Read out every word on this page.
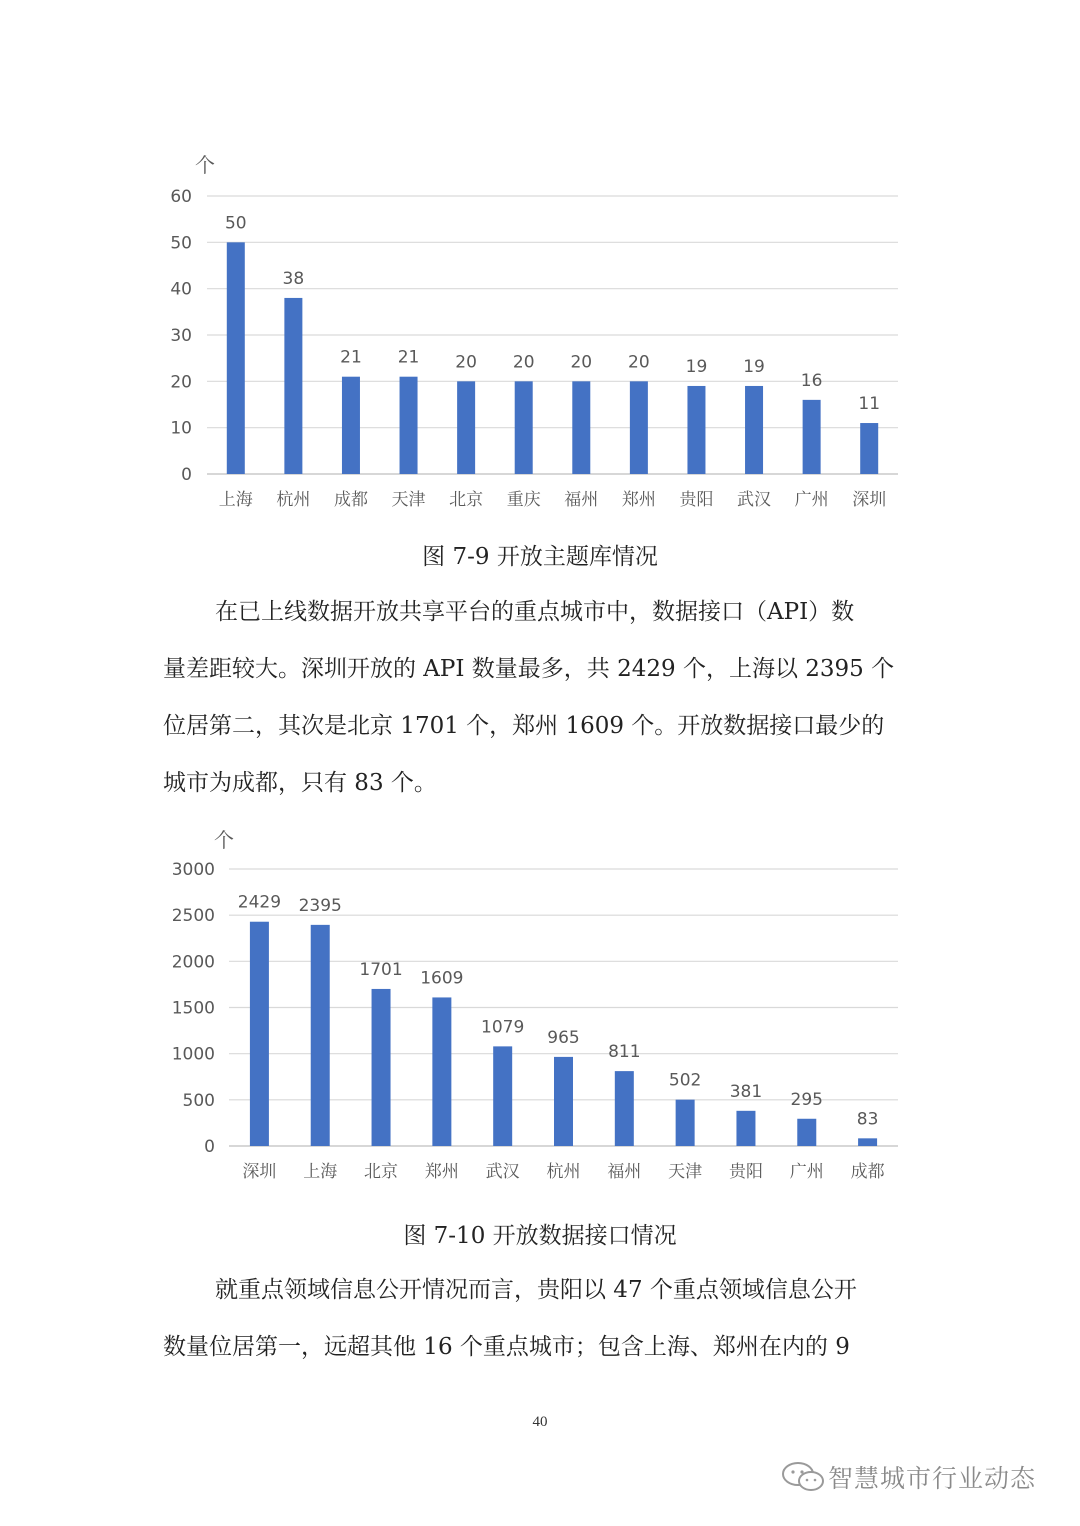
个
0
10
20
30
40
50
60
50
上海
38
杭州
21
成都
21
天津
20
北京
20
重庆
20
福州
20
郑州
19
贵阳
19
武汉
16
广州
11
深圳
图 7-9 开放主题库情况
在已上线数据开放共享平台的重点城市中，数据接口（API）数
量差距较大。深圳开放的 API 数量最多，共 2429 个，上海以 2395 个
位居第二，其次是北京 1701 个，郑州 1609 个。开放数据接口最少的
城市为成都，只有 83 个。
个
0
500
1000
1500
2000
2500
3000
2429
深圳
2395
上海
1701
北京
1609
郑州
1079
武汉
965
杭州
811
福州
502
天津
381
贵阳
295
广州
83
成都
图 7-10 开放数据接口情况
就重点领域信息公开情况而言，贵阳以 47 个重点领域信息公开
数量位居第一，远超其他 16 个重点城市；包含上海、郑州在内的 9
40
智慧城市行业动态
